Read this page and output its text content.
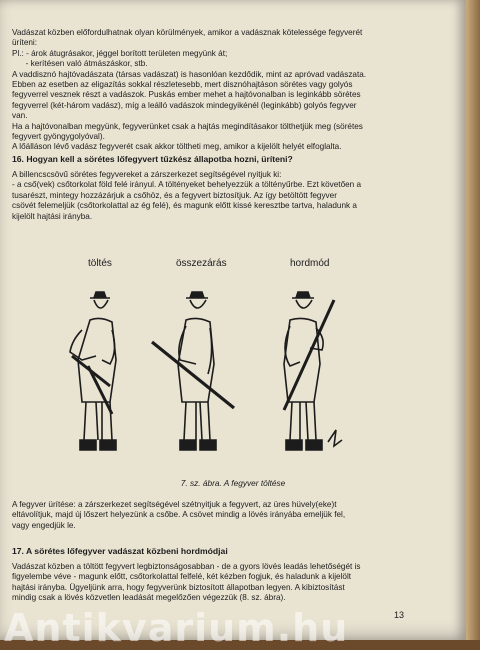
Vadászat közben előfordulhatnak olyan körülmények, amikor a vadásznak kötelessége fegyverét
üríteni:
Pl.: - árok átugrásakor, jéggel borított területen megyünk át;
- kerítésen való átmászáskor, stb.
A vaddisznó hajtóvadászata (társas vadászat) is hasonlóan kezdődik, mint az apróvad vadászata.
Ebben az esetben az eligazítás sokkal részletesebb, mert disznóhajtáson sörétes vagy golyós
fegyverrel vesznek részt a vadászok. Puskás ember mehet a hajtóvonalban is leginkább sörétes
fegyverrel (két-három vadász), míg a leálló vadászok mindegyikénél (leginkább) golyós fegyver
van.
Ha a hajtóvonalban megyünk, fegyverünket csak a hajtás megindításakor tölthetjük meg (sörétes
fegyvert gyöngygolyóval).
A lőálláson lévő vadász fegyverét csak akkor töltheti meg, amikor a kijelölt helyét elfoglalta.

16. Hogyan kell a sörétes lőfegyvert tűzkész állapotba hozni, üríteni?

A billencscsövű sörétes fegyvereket a zárszerkezet segítségével nyitjuk ki:
- a cső(vek) csőtorkolat föld felé irányul. A töltényeket behelyezzük a töltényűrbe. Ezt követően a
tusarészt, mintegy hozzázárjuk a csőhöz, és a fegyvert biztosítjuk. Az így betöltött fegyver
csövét felemeljük (csőtorkolattal az ég felé), és magunk előtt kissé keresztbe tartva, haladunk a
kijelölt hajtási irányba.

töltés	összezárás	hordmód
7. sz. ábra. A fegyver töltése

A fegyver ürítése: a zárszerkezet segítségével szétnyitjuk a fegyvert, az üres hüvely(eke)t
eltávolítjuk, majd új lőszert helyezünk a csőbe. A csövet mindig a lövés irányába emeljük fel,
vagy engedjük le.

17. A sörétes lőfegyver vadászat közbeni hordmódjai

Vadászat közben a töltött fegyvert legbiztonságosabban - de a gyors lövés leadás lehetőségét is
figyelembe véve - magunk előtt, csőtorkolattal felfelé, két kézben fogjuk, és haladunk a kijelölt
hajtási irányba. Ügyeljünk arra, hogy fegyverünk biztosított állapotban legyen. A kibiztosítást
mindig csak a lövés közvetlen leadását megelőzően végezzük (8. sz. ábra).

13
Antikvarium.hu
